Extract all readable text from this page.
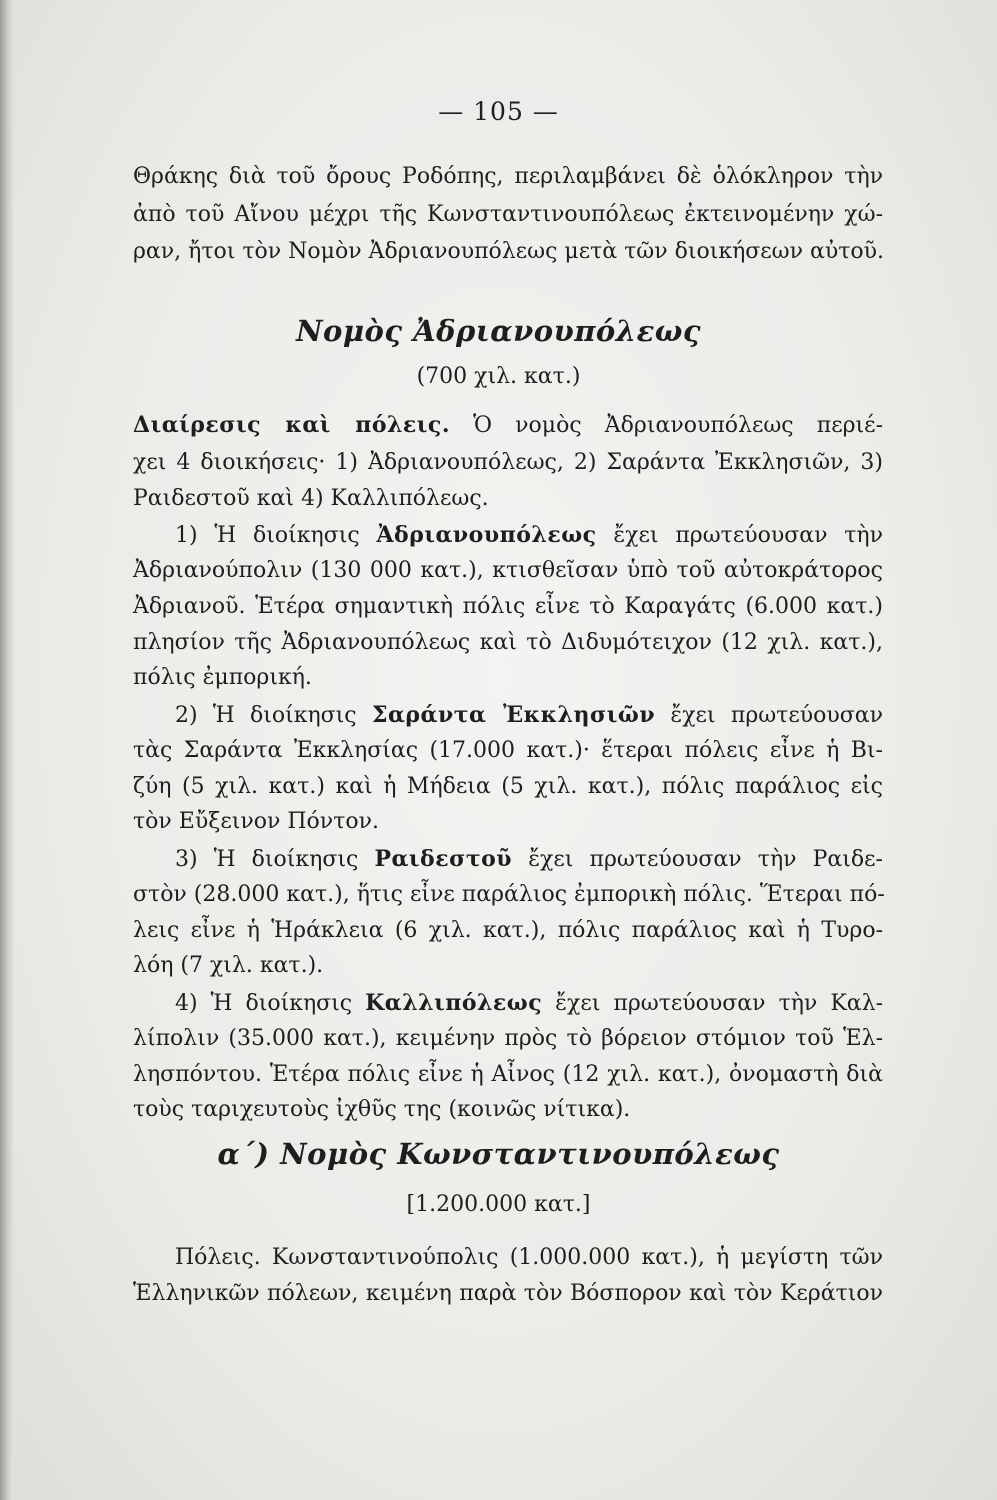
— 105 —
Θράκης διὰ τοῦ ὄρους Ροδόπης, περιλαμβάνει δὲ ὁλόκληρον τὴν
ἀπὸ τοῦ Αἴνου μέχρι τῆς Κωνσταντινουπόλεως ἐκτεινομένην χώ-
ραν, ἤτοι τὸν Νομὸν Ἀδριανουπόλεως μετὰ τῶν διοικήσεων αὐτοῦ.
Νομὸς Ἀδριανουπόλεως
(700 χιλ. κατ.)
Διαίρεσις καὶ πόλεις. Ὁ νομὸς Ἀδριανουπόλεως περιέ-
χει 4 διοικήσεις· 1) Ἀδριανουπόλεως, 2) Σαράντα Ἐκκλησιῶν, 3)
Ραιδεστοῦ καὶ 4) Καλλιπόλεως.
1) Ἡ διοίκησις Ἀδριανουπόλεως ἔχει πρωτεύουσαν τὴν
Ἀδριανούπολιν (130 000 κατ.), κτισθεῖσαν ὑπὸ τοῦ αὐτοκράτορος
Ἀδριανοῦ. Ἑτέρα σημαντικὴ πόλις εἶνε τὸ Καραγάτς (6.000 κατ.)
πλησίον τῆς Ἀδριανουπόλεως καὶ τὸ Διδυμότειχον (12 χιλ. κατ.),
πόλις ἐμπορική.
2) Ἡ διοίκησις Σαράντα Ἐκκλησιῶν ἔχει πρωτεύουσαν
τὰς Σαράντα Ἐκκλησίας (17.000 κατ.)· ἕτεραι πόλεις εἶνε ἡ Βι-
ζύη (5 χιλ. κατ.) καὶ ἡ Μήδεια (5 χιλ. κατ.), πόλις παράλιος εἰς
τὸν Εὔξεινον Πόντον.
3) Ἡ διοίκησις Ραιδεστοῦ ἔχει πρωτεύουσαν τὴν Ραιδε-
στὸν (28.000 κατ.), ἥτις εἶνε παράλιος ἐμπορικὴ πόλις. Ἕτεραι πό-
λεις εἶνε ἡ Ἡράκλεια (6 χιλ. κατ.), πόλις παράλιος καὶ ἡ Τυρο-
λόη (7 χιλ. κατ.).
4) Ἡ διοίκησις Καλλιπόλεως ἔχει πρωτεύουσαν τὴν Καλ-
λίπολιν (35.000 κατ.), κειμένην πρὸς τὸ βόρειον στόμιον τοῦ Ἑλ-
λησπόντου. Ἑτέρα πόλις εἶνε ἡ Αἶνος (12 χιλ. κατ.), ὀνομαστὴ διὰ
τοὺς ταριχευτοὺς ἰχθῦς της (κοινῶς νίτικα).
α΄) Νομὸς Κωνσταντινουπόλεως
[1.200.000 κατ.]
Πόλεις. Κωνσταντινούπολις (1.000.000 κατ.), ἡ μεγίστη τῶν
Ἑλληνικῶν πόλεων, κειμένη παρὰ τὸν Βόσπορον καὶ τὸν Κεράτιον
